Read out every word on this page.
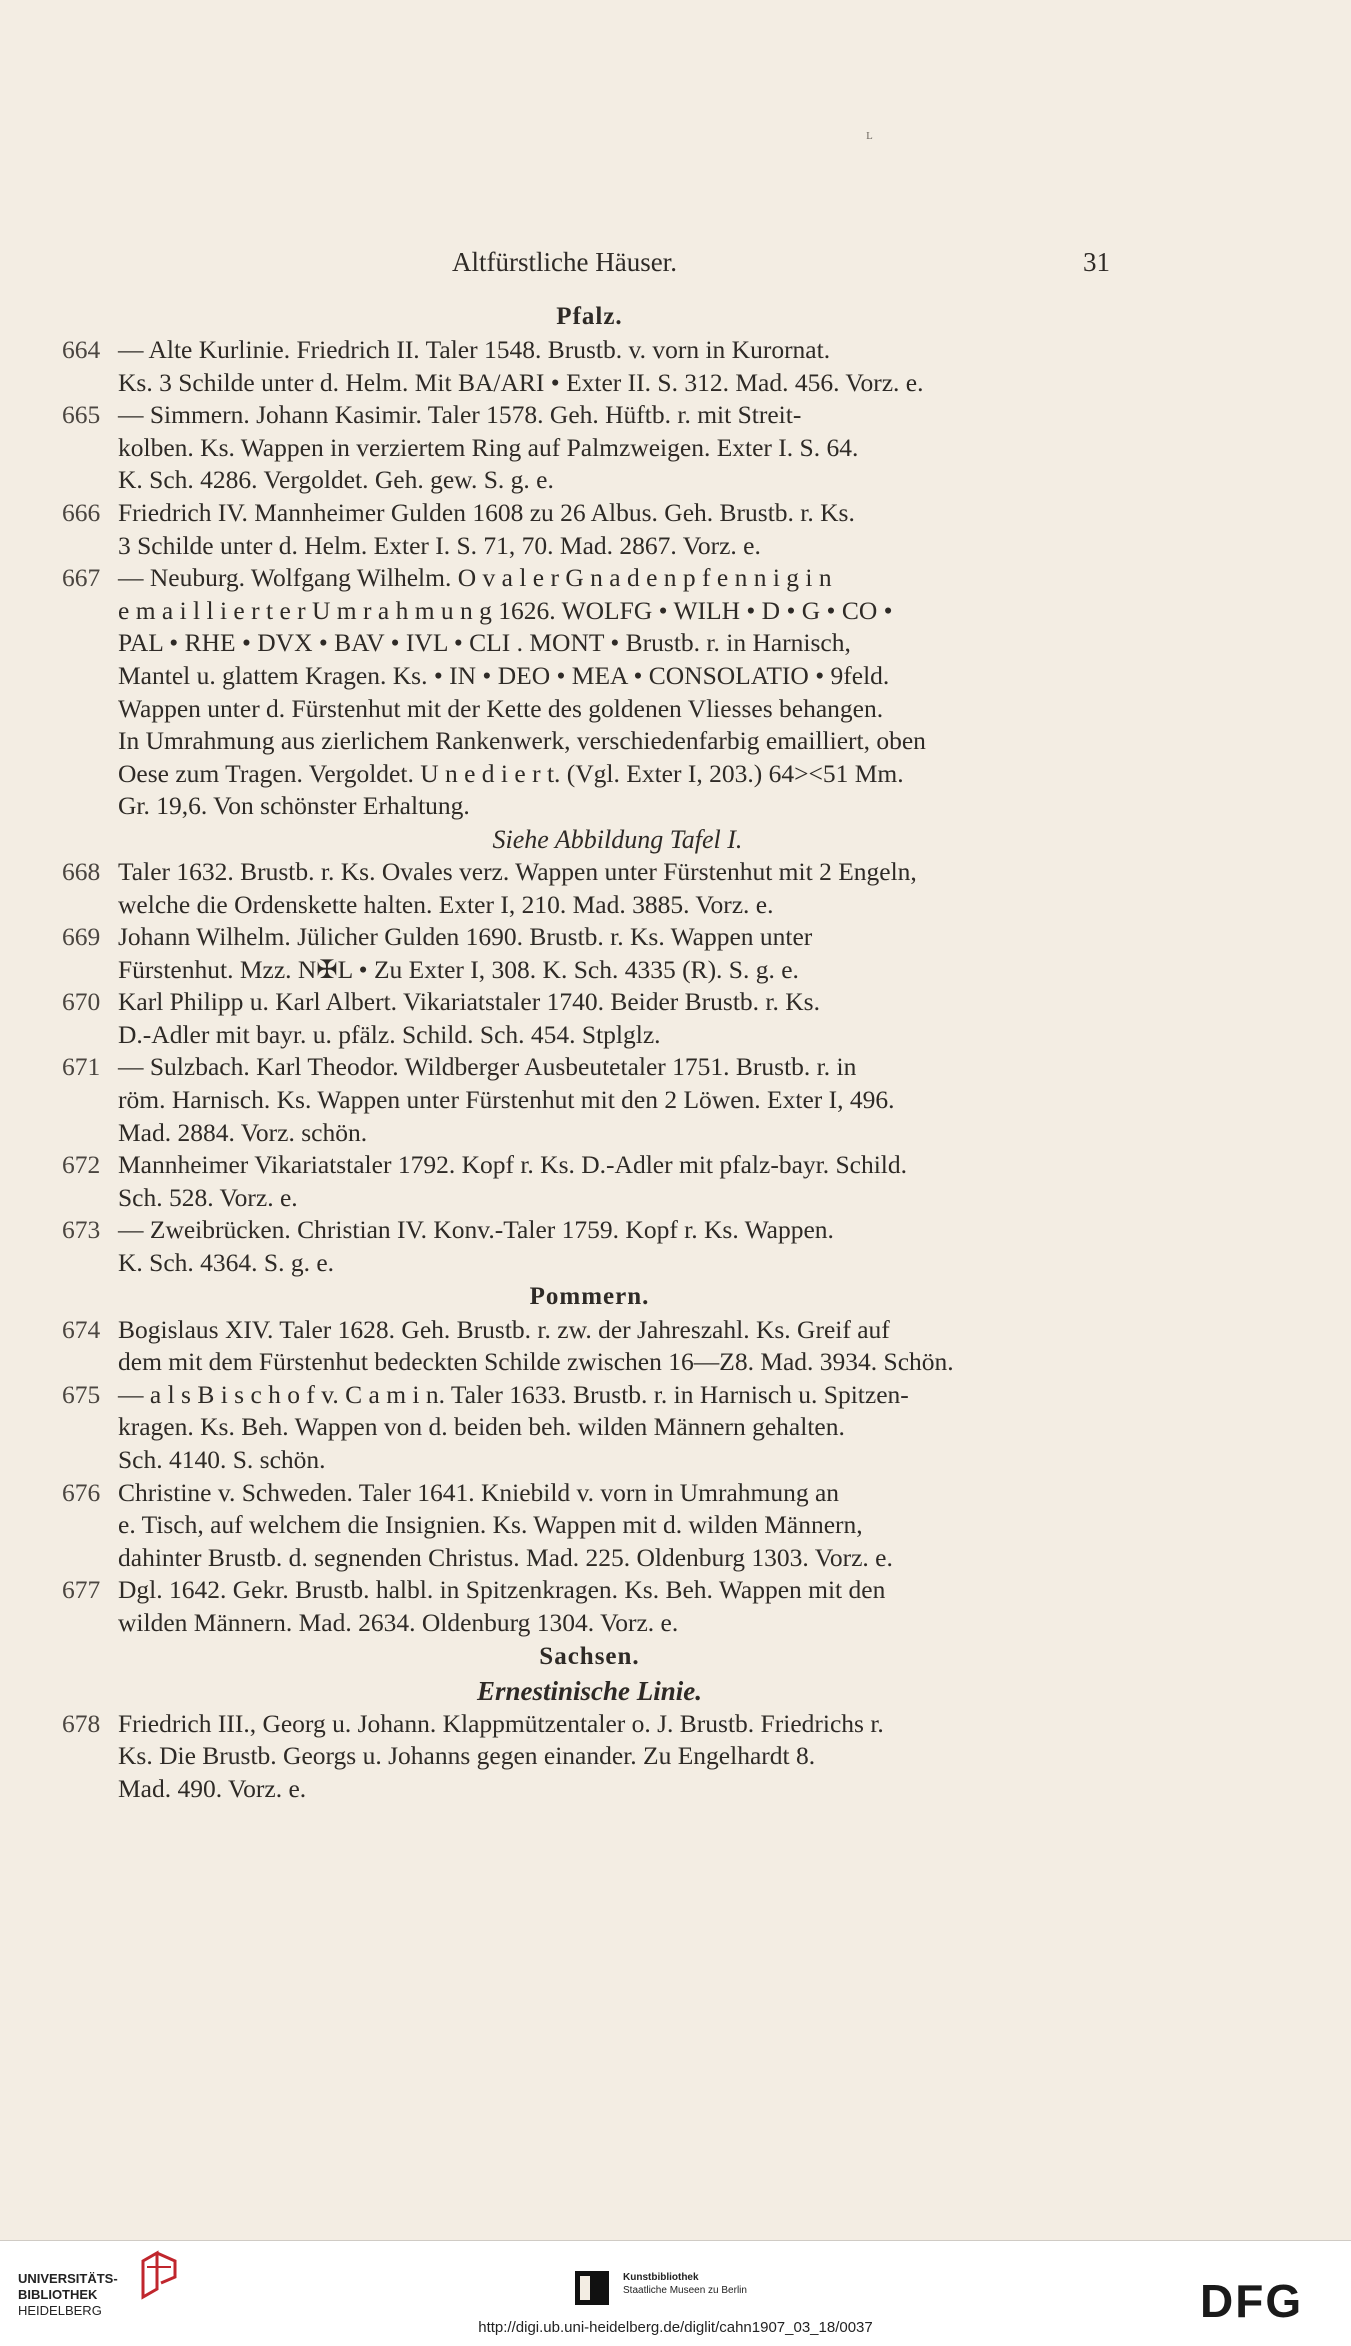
ᴸ
Altfürstliche Häuser.	31
Pfalz.
664 — Alte Kurlinie. Friedrich II. Taler 1548. Brustb. v. vorn in Kurornat.
Ks. 3 Schilde unter d. Helm. Mit BA/ARI • Exter II. S. 312. Mad. 456. Vorz. e.
665 — Simmern. Johann Kasimir. Taler 1578. Geh. Hüftb. r. mit Streit-
kolben. Ks. Wappen in verziertem Ring auf Palmzweigen. Exter I. S. 64.
K. Sch. 4286. Vergoldet. Geh. gew. S. g. e.
666 Friedrich IV. Mannheimer Gulden 1608 zu 26 Albus. Geh. Brustb. r. Ks.
3 Schilde unter d. Helm. Exter I. S. 71, 70. Mad. 2867. Vorz. e.
667 — Neuburg. Wolfgang Wilhelm. O v a l e r G n a d e n p f e n n i g i n
e m a i l l i e r t e r U m r a h m u n g 1626. WOLFG • WILH • D • G • CO •
PAL • RHE • DVX • BAV • IVL • CLI . MONT • Brustb. r. in Harnisch,
Mantel u. glattem Kragen. Ks. • IN • DEO • MEA • CONSOLATIO • 9feld.
Wappen unter d. Fürstenhut mit der Kette des goldenen Vliesses behangen.
In Umrahmung aus zierlichem Rankenwerk, verschiedenfarbig emailliert, oben
Oese zum Tragen. Vergoldet. U n e d i e r t. (Vgl. Exter I, 203.) 64><51 Mm.
Gr. 19,6. Von schönster Erhaltung.
Siehe Abbildung Tafel I.
668 Taler 1632. Brustb. r. Ks. Ovales verz. Wappen unter Fürstenhut mit 2 Engeln,
welche die Ordenskette halten. Exter I, 210. Mad. 3885. Vorz. e.
669 Johann Wilhelm. Jülicher Gulden 1690. Brustb. r. Ks. Wappen unter
Fürstenhut. Mzz. N✠L • Zu Exter I, 308. K. Sch. 4335 (R). S. g. e.
670 Karl Philipp u. Karl Albert. Vikariatstaler 1740. Beider Brustb. r. Ks.
D.-Adler mit bayr. u. pfälz. Schild. Sch. 454. Stplglz.
671 — Sulzbach. Karl Theodor. Wildberger Ausbeutetaler 1751. Brustb. r. in
röm. Harnisch. Ks. Wappen unter Fürstenhut mit den 2 Löwen. Exter I, 496.
Mad. 2884. Vorz. schön.
672 Mannheimer Vikariatstaler 1792. Kopf r. Ks. D.-Adler mit pfalz-bayr. Schild.
Sch. 528. Vorz. e.
673 — Zweibrücken. Christian IV. Konv.-Taler 1759. Kopf r. Ks. Wappen.
K. Sch. 4364. S. g. e.
Pommern.
674 Bogislaus XIV. Taler 1628. Geh. Brustb. r. zw. der Jahreszahl. Ks. Greif auf
dem mit dem Fürstenhut bedeckten Schilde zwischen 16—Z8. Mad. 3934. Schön.
675 — a l s B i s c h o f v. C a m i n. Taler 1633. Brustb. r. in Harnisch u. Spitzen-
kragen. Ks. Beh. Wappen von d. beiden beh. wilden Männern gehalten.
Sch. 4140. S. schön.
676 Christine v. Schweden. Taler 1641. Kniebild v. vorn in Umrahmung an
e. Tisch, auf welchem die Insignien. Ks. Wappen mit d. wilden Männern,
dahinter Brustb. d. segnenden Christus. Mad. 225. Oldenburg 1303. Vorz. e.
677 Dgl. 1642. Gekr. Brustb. halbl. in Spitzenkragen. Ks. Beh. Wappen mit den
wilden Männern. Mad. 2634. Oldenburg 1304. Vorz. e.
Sachsen.
Ernestinische Linie.
678 Friedrich III., Georg u. Johann. Klappmützentaler o. J. Brustb. Friedrichs r.
Ks. Die Brustb. Georgs u. Johanns gegen einander. Zu Engelhardt 8.
Mad. 490. Vorz. e.
UNIVERSITÄTS-
BIBLIOTHEK
HEIDELBERG
Kunstbibliothek
Staatliche Museen zu Berlin	DFG
http://digi.ub.uni-heidelberg.de/diglit/cahn1907_03_18/0037
